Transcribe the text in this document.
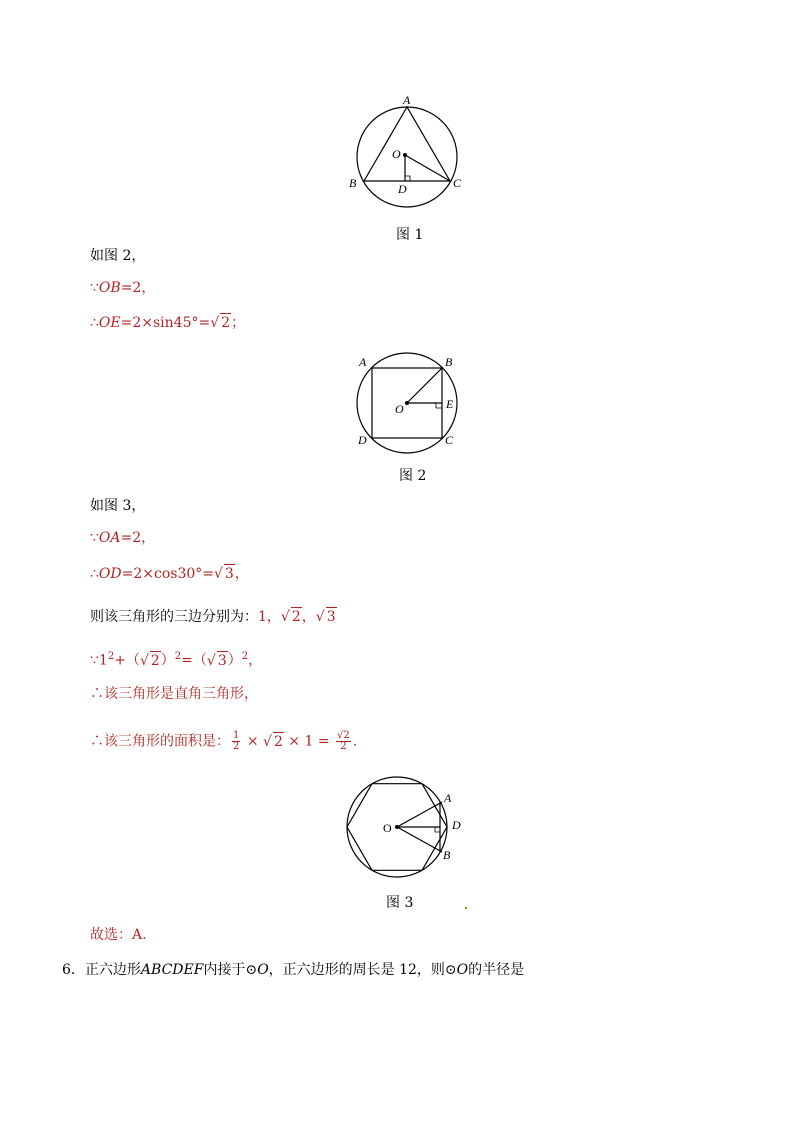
A
O
B	D	C
图 1
如图 2，
∵OB=2，
∴OE=2×sin45°=√ 2；
A	B
O	E
D	C
图 2
如图 3，
∵OA=2，
∴OD=2×cos30°=√ 3，
则该三角形的三边分别为：1，√ 2，√ 3
$\because 1^2+(√$ 2）$^2$=（√ 3）$^2$，
∴该三角形是直角三角形，
∴该三角形的面积是： $\frac{1}{2}$ × √ $2 \times 1 = \frac{√2}{2}$ .
O
A
D
B
图 3
故选：A.
6．正六边形ABCDEF内接于⊙O，正六边形的周长是 12，则⊙O的半径是
